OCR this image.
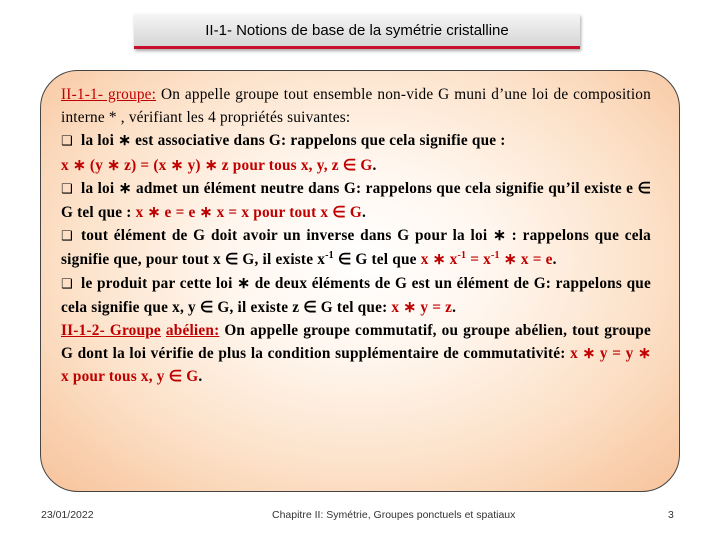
II-1- Notions de base de la symétrie cristalline

II-1-1- groupe: On appelle groupe tout ensemble non-vide G muni d’une loi de composition interne * , vérifiant les 4 propriétés suivantes:

❑ la loi ∗ est associative dans G: rappelons que cela signifie que :

x ∗ (y ∗ z) = (x ∗ y) ∗ z pour tous x, y, z ∈ G.

❑ la loi ∗ admet un élément neutre dans G: rappelons que cela signifie qu’il existe e ∈ G tel que : x ∗ e = e ∗ x = x pour tout x ∈ G.

❑ tout élément de G doit avoir un inverse dans G pour la loi ∗ : rappelons que cela signifie que, pour tout x ∈ G, il existe $x^{-1}$ ∈ G tel que x ∗ $x^{-1} = x^{-1}$ ∗ x = e.

❑ le produit par cette loi ∗ de deux éléments de G est un élément de G: rappelons que cela signifie que x, y ∈ G, il existe z ∈ G tel que: x ∗ y = z.

II-1-2- Groupe abélien: On appelle groupe commutatif, ou groupe abélien, tout groupe G dont la loi vérifie de plus la condition supplémentaire de commutativité: x ∗ y = y ∗ x pour tous x, y ∈ G.

23/01/2022	Chapitre II: Symétrie, Groupes ponctuels et spatiaux	3
